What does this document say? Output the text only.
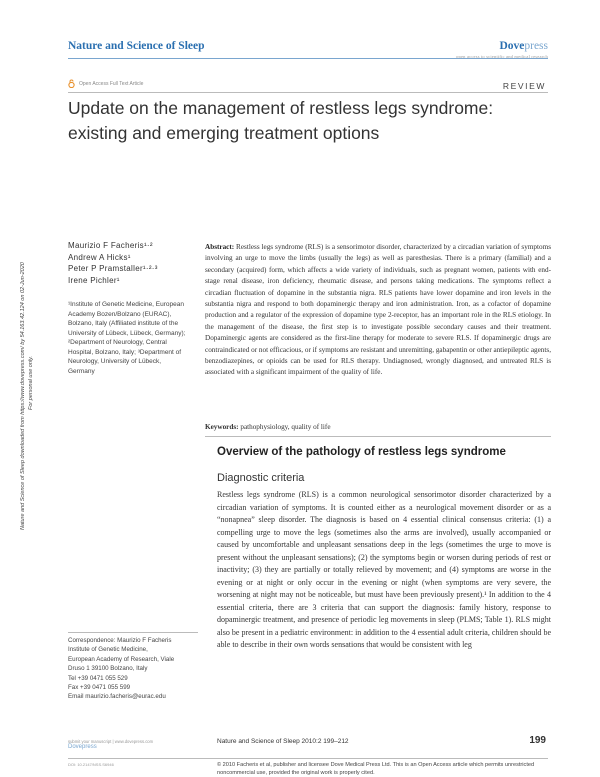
Nature and Science of Sleep	Dovepress
open access to scientific and medical research
Open Access Full Text Article	REVIEW
Update on the management of restless legs syndrome: existing and emerging treatment options
Nature and Science of Sleep downloaded from https://www.dovepress.com/ by 54.163.42.124 on 02-Jun-2020 For personal use only.
Maurizio F Facheris¹·²
Andrew A Hicks¹
Peter P Pramstaller¹·²·³
Irene Pichler¹

¹Institute of Genetic Medicine, European Academy Bozen/Bolzano (EURAC), Bolzano, Italy (Affiliated institute of the University of Lübeck, Lübeck, Germany); ²Department of Neurology, Central Hospital, Bolzano, Italy; ³Department of Neurology, University of Lübeck, Germany

Abstract: Restless legs syndrome (RLS) is a sensorimotor disorder, characterized by a circadian variation of symptoms involving an urge to move the limbs (usually the legs) as well as paresthesias. There is a primary (familial) and a secondary (acquired) form, which affects a wide variety of individuals, such as pregnant women, patients with end-stage renal disease, iron deficiency, rheumatic disease, and persons taking medications. The symptoms reflect a circadian fluctuation of dopamine in the substantia nigra. RLS patients have lower dopamine and iron levels in the substantia nigra and respond to both dopaminergic therapy and iron administration. Iron, as a cofactor of dopamine production and a regulator of the expression of dopamine type 2-receptor, has an important role in the RLS etiology. In the management of the disease, the first step is to investigate possible secondary causes and their treatment. Dopaminergic agents are considered as the first-line therapy for moderate to severe RLS. If dopaminergic drugs are contraindicated or not efficacious, or if symptoms are resistant and unremitting, gabapentin or other antiepileptic agents, benzodiazepines, or opioids can be used for RLS therapy. Undiagnosed, wrongly diagnosed, and untreated RLS is associated with a significant impairment of the quality of life.
Keywords: pathophysiology, quality of life
Overview of the pathology of restless legs syndrome
Diagnostic criteria
Restless legs syndrome (RLS) is a common neurological sensorimotor disorder characterized by a circadian variation of symptoms. It is counted either as a neurological movement disorder or as a “nonapnea” sleep disorder. The diagnosis is based on 4 essential clinical consensus criteria: (1) a compelling urge to move the legs (sometimes also the arms are involved), usually accompanied or caused by uncomfortable and unpleasant sensations deep in the legs (sometimes the urge to move is present without the unpleasant sensations); (2) the symptoms begin or worsen during periods of rest or inactivity; (3) they are partially or totally relieved by movement; and (4) symptoms are worse in the evening or at night or only occur in the evening or night (when symptoms are very severe, the worsening at night may not be noticeable, but must have been previously present).¹ In addition to the 4 essential criteria, there are 3 criteria that can support the diagnosis: family history, response to dopaminergic treatment, and presence of periodic leg movements in sleep (PLMS; Table 1). RLS might also be present in a pediatric environment: in addition to the 4 essential adult criteria, children should be able to describe in their own words sensations that would be consistent with leg
Correspondence: Maurizio F Facheris
Institute of Genetic Medicine,
European Academy of Research, Viale
Druso 1 39100 Bolzano, Italy
Tel +39 0471 055 529
Fax +39 0471 055 599
Email maurizio.facheris@eurac.edu
submit your manuscript | www.dovepress.com
Dovepress
Nature and Science of Sleep 2010:2 199–212	199
DOI: 10.2147/NSS.S6946	© 2010 Facheris et al, publisher and licensee Dove Medical Press Ltd. This is an Open Access article which permits unrestricted noncommercial use, provided the original work is properly cited.
